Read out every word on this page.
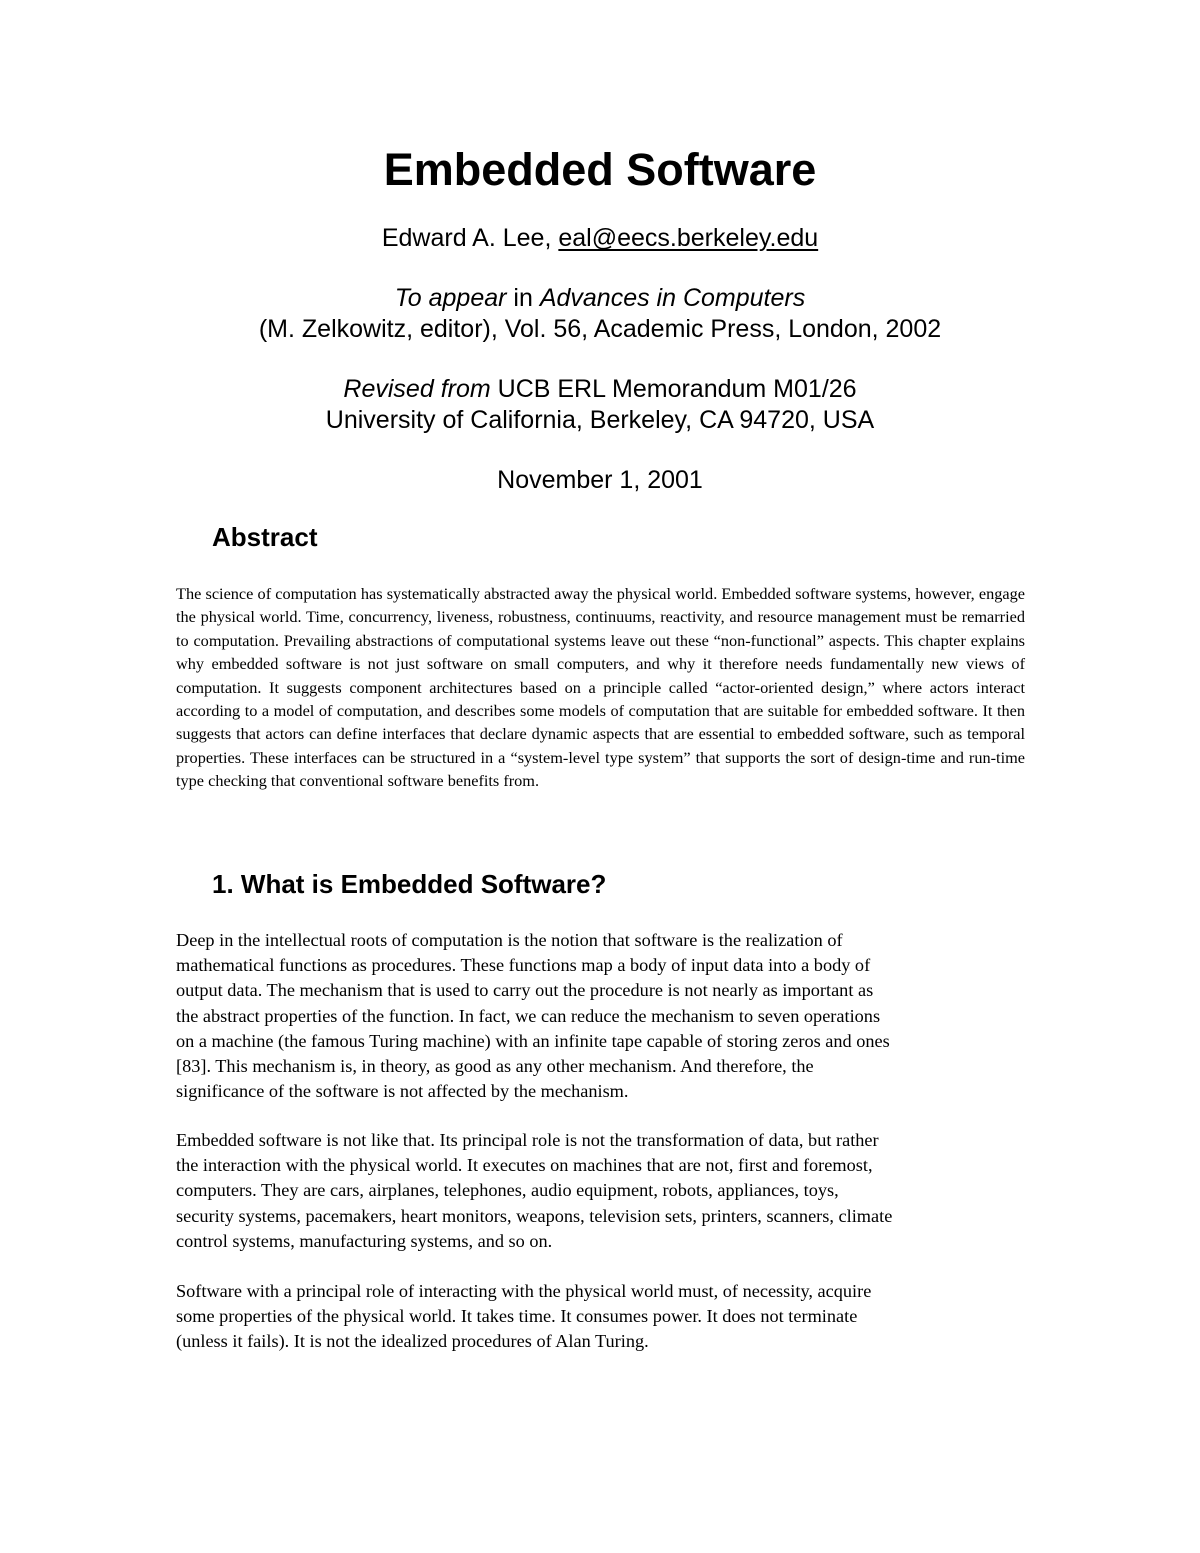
Embedded Software
Edward A. Lee, eal@eecs.berkeley.edu
To appear in Advances in Computers
(M. Zelkowitz, editor), Vol. 56, Academic Press, London, 2002
Revised from UCB ERL Memorandum M01/26
University of California, Berkeley, CA 94720, USA
November 1, 2001
Abstract

The science of computation has systematically abstracted away the physical world. Embedded software systems, however, engage the physical world. Time, concurrency, liveness, robustness, continuums, reactivity, and resource management must be remarried to computation. Prevailing abstractions of computational systems leave out these “non-functional” aspects. This chapter explains why embedded software is not just software on small computers, and why it therefore needs fundamentally new views of computation. It suggests component architectures based on a principle called “actor-oriented design,” where actors interact according to a model of computation, and describes some models of computation that are suitable for embedded software. It then suggests that actors can define interfaces that declare dynamic aspects that are essential to embedded software, such as temporal properties. These interfaces can be structured in a “system-level type system” that supports the sort of design-time and run-time type checking that conventional software benefits from.

1. What is Embedded Software?

Deep in the intellectual roots of computation is the notion that software is the realization of
mathematical functions as procedures. These functions map a body of input data into a body of
output data. The mechanism that is used to carry out the procedure is not nearly as important as
the abstract properties of the function. In fact, we can reduce the mechanism to seven operations
on a machine (the famous Turing machine) with an infinite tape capable of storing zeros and ones
[83]. This mechanism is, in theory, as good as any other mechanism. And therefore, the
significance of the software is not affected by the mechanism.

Embedded software is not like that. Its principal role is not the transformation of data, but rather
the interaction with the physical world. It executes on machines that are not, first and foremost,
computers. They are cars, airplanes, telephones, audio equipment, robots, appliances, toys,
security systems, pacemakers, heart monitors, weapons, television sets, printers, scanners, climate
control systems, manufacturing systems, and so on.

Software with a principal role of interacting with the physical world must, of necessity, acquire
some properties of the physical world. It takes time. It consumes power. It does not terminate
(unless it fails). It is not the idealized procedures of Alan Turing.
